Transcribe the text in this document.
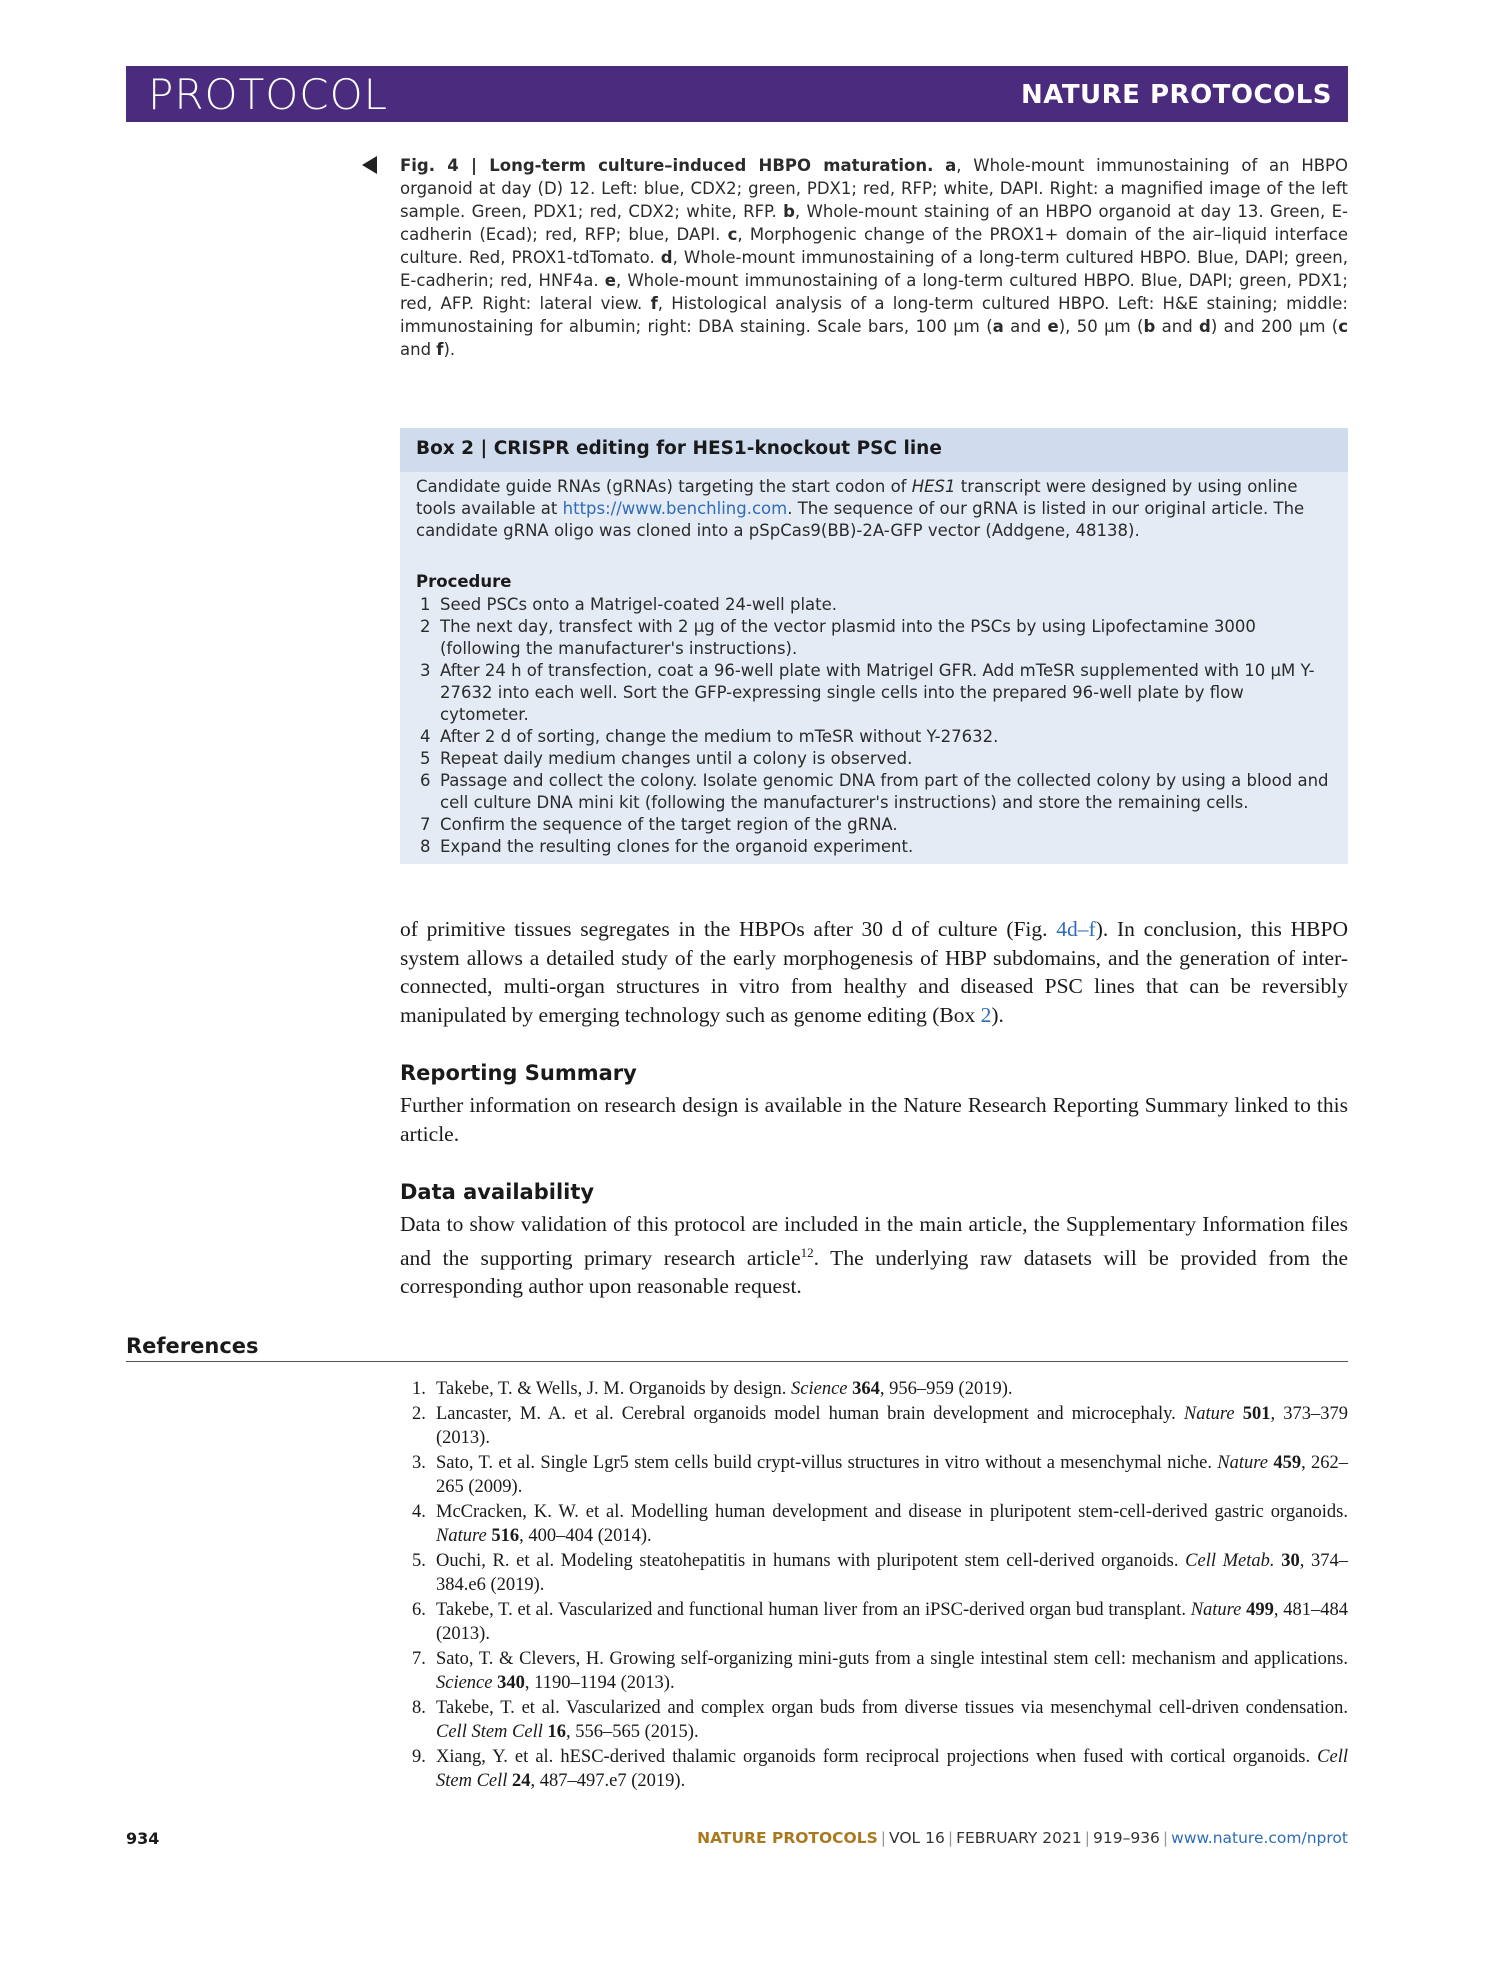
PROTOCOL	NATURE PROTOCOLS
Fig. 4 | Long-term culture–induced HBPO maturation. a, Whole-mount immunostaining of an HBPO organoid at day (D) 12. Left: blue, CDX2; green, PDX1; red, RFP; white, DAPI. Right: a magnified image of the left sample. Green, PDX1; red, CDX2; white, RFP. b, Whole-mount staining of an HBPO organoid at day 13. Green, E-cadherin (Ecad); red, RFP; blue, DAPI. c, Morphogenic change of the PROX1+ domain of the air–liquid interface culture. Red, PROX1-tdTomato. d, Whole-mount immunostaining of a long-term cultured HBPO. Blue, DAPI; green, E-cadherin; red, HNF4a. e, Whole-mount immunostaining of a long-term cultured HBPO. Blue, DAPI; green, PDX1; red, AFP. Right: lateral view. f, Histological analysis of a long-term cultured HBPO. Left: H&E staining; middle: immunostaining for albumin; right: DBA staining. Scale bars, 100 μm (a and e), 50 μm (b and d) and 200 μm (c and f).
Box 2 | CRISPR editing for HES1-knockout PSC line
Candidate guide RNAs (gRNAs) targeting the start codon of HES1 transcript were designed by using online tools available at https://www.benchling.com. The sequence of our gRNA is listed in our original article. The candidate gRNA oligo was cloned into a pSpCas9(BB)-2A-GFP vector (Addgene, 48138).
Procedure
1 Seed PSCs onto a Matrigel-coated 24-well plate.
2 The next day, transfect with 2 μg of the vector plasmid into the PSCs by using Lipofectamine 3000 (following the manufacturer's instructions).
3 After 24 h of transfection, coat a 96-well plate with Matrigel GFR. Add mTeSR supplemented with 10 μM Y-27632 into each well. Sort the GFP-expressing single cells into the prepared 96-well plate by flow cytometer.
4 After 2 d of sorting, change the medium to mTeSR without Y-27632.
5 Repeat daily medium changes until a colony is observed.
6 Passage and collect the colony. Isolate genomic DNA from part of the collected colony by using a blood and cell culture DNA mini kit (following the manufacturer's instructions) and store the remaining cells.
7 Confirm the sequence of the target region of the gRNA.
8 Expand the resulting clones for the organoid experiment.
of primitive tissues segregates in the HBPOs after 30 d of culture (Fig. 4d–f). In conclusion, this HBPO system allows a detailed study of the early morphogenesis of HBP subdomains, and the generation of inter-connected, multi-organ structures in vitro from healthy and diseased PSC lines that can be reversibly manipulated by emerging technology such as genome editing (Box 2).
Reporting Summary
Further information on research design is available in the Nature Research Reporting Summary linked to this article.
Data availability
Data to show validation of this protocol are included in the main article, the Supplementary Information files and the supporting primary research article$^{12}$. The underlying raw datasets will be provided from the corresponding author upon reasonable request.
References
1. Takebe, T. & Wells, J. M. Organoids by design. Science 364, 956–959 (2019).
2. Lancaster, M. A. et al. Cerebral organoids model human brain development and microcephaly. Nature 501, 373–379 (2013).
3. Sato, T. et al. Single Lgr5 stem cells build crypt-villus structures in vitro without a mesenchymal niche. Nature 459, 262–265 (2009).
4. McCracken, K. W. et al. Modelling human development and disease in pluripotent stem-cell-derived gastric organoids. Nature 516, 400–404 (2014).
5. Ouchi, R. et al. Modeling steatohepatitis in humans with pluripotent stem cell-derived organoids. Cell Metab. 30, 374–384.e6 (2019).
6. Takebe, T. et al. Vascularized and functional human liver from an iPSC-derived organ bud transplant. Nature 499, 481–484 (2013).
7. Sato, T. & Clevers, H. Growing self-organizing mini-guts from a single intestinal stem cell: mechanism and applications. Science 340, 1190–1194 (2013).
8. Takebe, T. et al. Vascularized and complex organ buds from diverse tissues via mesenchymal cell-driven condensation. Cell Stem Cell 16, 556–565 (2015).
9. Xiang, Y. et al. hESC-derived thalamic organoids form reciprocal projections when fused with cortical organoids. Cell Stem Cell 24, 487–497.e7 (2019).
934	NATURE PROTOCOLS | VOL 16 | FEBRUARY 2021 | 919–936 | www.nature.com/nprot
